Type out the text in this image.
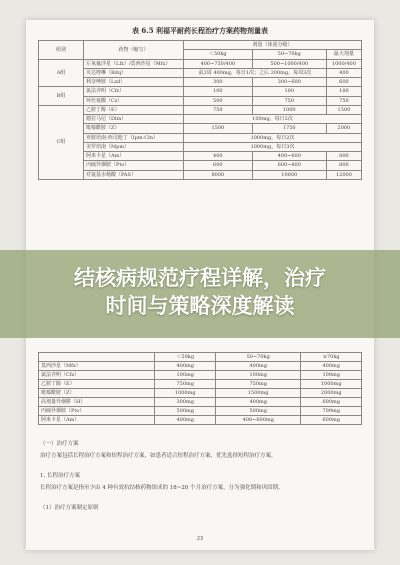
表 6.5 利福平耐药长程治疗方案药物剂量表
组别	药物（缩写）	剂量（体重分级）		
		＜50kg	50~70kg	最大剂量
A组	左氧氟沙星（Lfx）/莫西沙星（Mfx）	400~750/400	500~1000/400	1000/400
	贝达喹啉（Bdq）	前2周 400mg，每日1次；之后 200mg，每周3次		400
	利奈唑胺（Lzd）	300	300~600	600
B组	氯法齐明（Cfz）	100	100	100
	环丝氨酸（Cs）	500	750	750
C组	乙胺丁醇（E）	750	1000	1500
	德拉马尼（Dlm）	100mg，每日2次		
	吡嗪酰胺（Z）	1500	1750	2000
	亚胺培南-西司他丁（Ipm-Cln）	1000mg，每日2次		
	美罗培南（Mpm）	1000mg，每日3次		
	阿米卡星（Am）	400	400~600	800
	丙硫异烟胺（Pto）	600	600~800	800
	对氨基水杨酸（PAS）	8000	10000	12000
	＜50kg	50~70kg	≥70kg
莫西沙星（Mfx）	400mg	400mg	400mg
氯法齐明（Cfz）	100mg	100mg	100mg
乙胺丁醇（E）	750mg	750mg	1000mg
吡嗪酰胺（Z）	1000mg	1500mg	2000mg
高剂量异烟肼（H）	300mg	400mg	600mg
丙硫异烟胺（Pto）	500mg	500mg	700mg
阿米卡星（Am）	400mg	400~600mg	600mg
（一）治疗方案
治疗方案包括长程治疗方案和短程治疗方案，如患者适合短程治疗方案，优先选择短程治疗方案。
1. 长程治疗方案
长程治疗方案是指至少由 4 种有效抗结核药物组成的 18~20 个月治疗方案，分为强化期和巩固期。
（1）治疗方案制定原则
23
结核病规范疗程详解，治疗
时间与策略深度解读
